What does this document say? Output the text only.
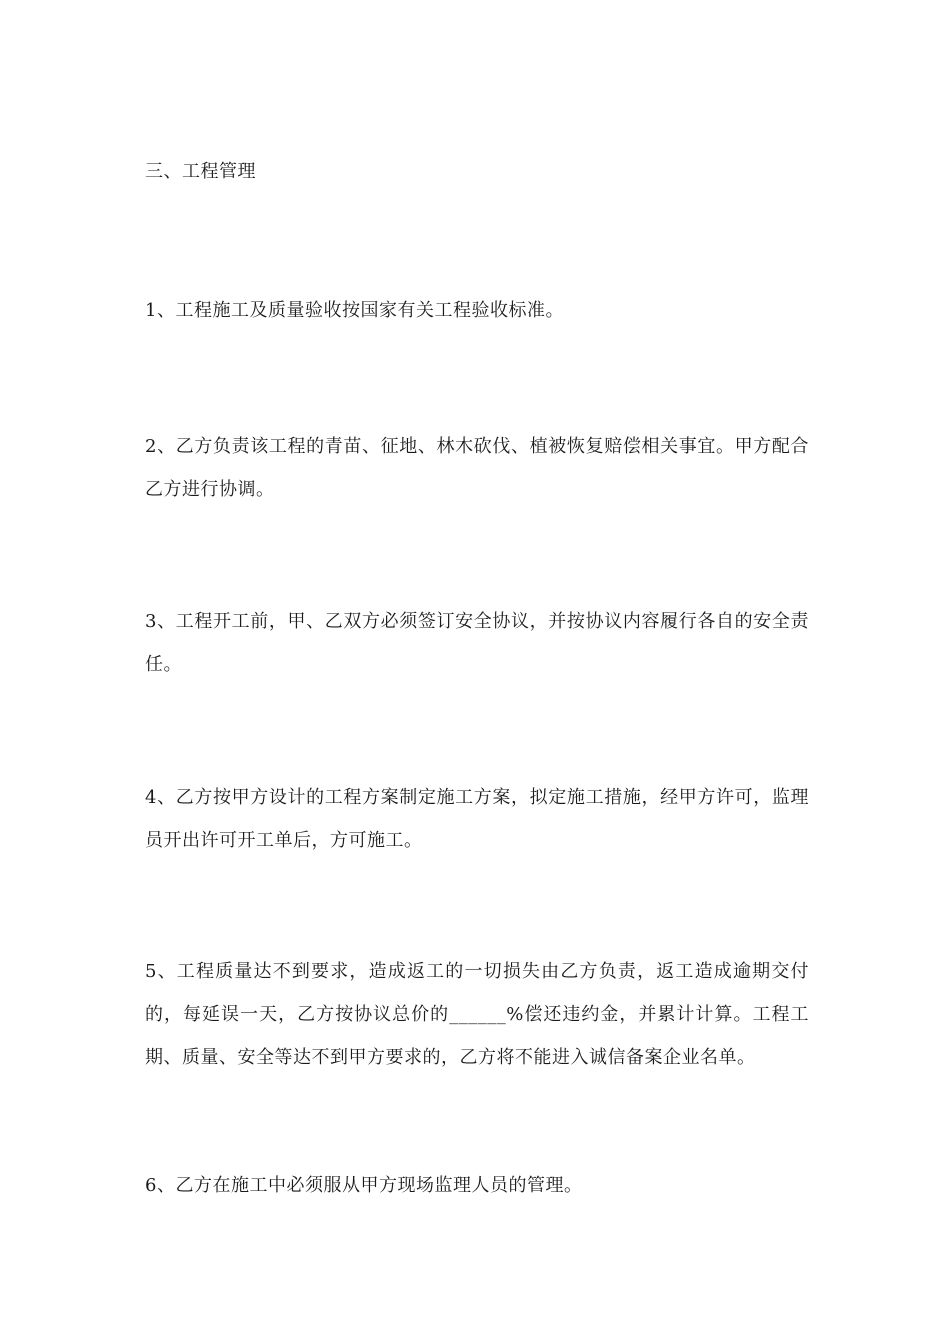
三、工程管理

1、工程施工及质量验收按国家有关工程验收标准。

2、乙方负责该工程的青苗、征地、林木砍伐、植被恢复赔偿相关事宜。甲方配合乙方进行协调。

3、工程开工前，甲、乙双方必须签订安全协议，并按协议内容履行各自的安全责任。

4、乙方按甲方设计的工程方案制定施工方案，拟定施工措施，经甲方许可，监理员开出许可开工单后，方可施工。

5、工程质量达不到要求，造成返工的一切损失由乙方负责，返工造成逾期交付的，每延误一天，乙方按协议总价的______%偿还违约金，并累计计算。工程工期、质量、安全等达不到甲方要求的，乙方将不能进入诚信备案企业名单。

6、乙方在施工中必须服从甲方现场监理人员的管理。
